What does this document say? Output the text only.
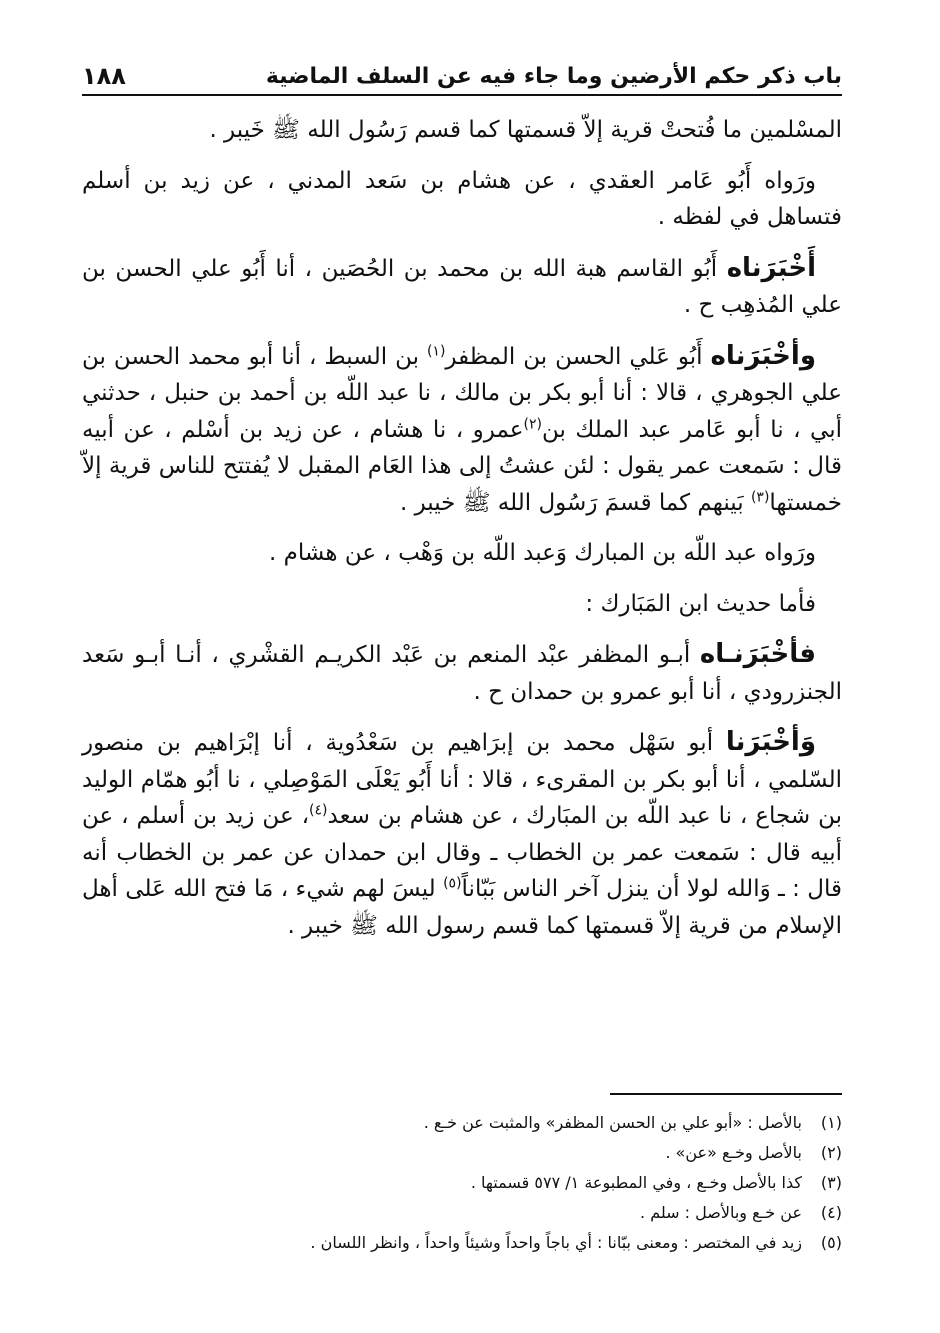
باب ذكر حكم الأرضين وما جاء فيه عن السلف الماضية
١٨٨

المسْلمين ما فُتحتْ قرية إلاّ قسمتها كما قسم رَسُول الله ﷺ خَيبر .

ورَواه أَبُو عَامر العقدي ، عن هشام بن سَعد المدني ، عن زيد بن أسلم فتساهل في لفظه .

أَخْبَرَناه أَبُو القاسم هبة الله بن محمد بن الحُصَين ، أنا أَبُو علي الحسن بن علي المُذهِب ح .

وأخْبَرَناه أَبُو عَلي الحسن بن المظفر$^{(١)}$ بن السبط ، أنا أبو محمد الحسن بن علي الجوهري ، قالا : أنا أبو بكر بن مالك ، نا عبد اللّه بن أحمد بن حنبل ، حدثني أبي ، نا أبو عَامر عبد الملك بن$^{(٢)}$عمرو ، نا هشام ، عن زيد بن أسْلم ، عن أبيه قال : سَمعت عمر يقول : لئن عشتُ إلى هذا العَام المقبل لا يُفتتح للناس قرية إلاّ خمستها$^{(٣)}$ بَينهم كما قسمَ رَسُول الله ﷺ خيبر .

ورَواه عبد اللّه بن المبارك وَعبد اللّه بن وَهْب ، عن هشام .

فأما حديث ابن المَبَارك :

فأخْبَرَنـاه أبـو المظفر عبْد المنعم بن عَبْد الكريـم القشْري ، أنـا أبـو سَعد الجنزرودي ، أنا أبو عمرو بن حمدان ح .

وَأخْبَرَنا أبو سَهْل محمد بن إبرَاهيم بن سَعْدُوية ، أنا إبْرَاهيم بن منصور السّلمي ، أنا أبو بكر بن المقرىء ، قالا : أنا أَبُو يَعْلَى المَوْصِلي ، نا أبُو همّام الوليد بن شجاع ، نا عبد اللّه بن المبَارك ، عن هشام بن سعد$^{(٤)}$، عن زيد بن أسلم ، عن أبيه قال : سَمعت عمر بن الخطاب ـ وقال ابن حمدان عن عمر بن الخطاب أنه قال : ـ وَالله لولا أن ينزل آخر الناس بَبّاناً$^{(٥)}$ ليسَ لهم شيء ، مَا فتح الله عَلى أهل الإسلام من قرية إلاّ قسمتها كما قسم رسول الله ﷺ خيبر .

(١)
بالأصل : «أبو علي بن الحسن المظفر» والمثبت عن خـع .
(٢)
بالأصل وخـع «عن» .
(٣)
كذا بالأصل وخـع ، وفي المطبوعة ١/ ٥٧٧ قسمتها .
(٤)
عن خـع وبالأصل : سلم .
(٥)
زيد في المختصر : ومعنى ببّانا : أي باجاً واحداً وشيئاً واحداً ، وانظر اللسان .
